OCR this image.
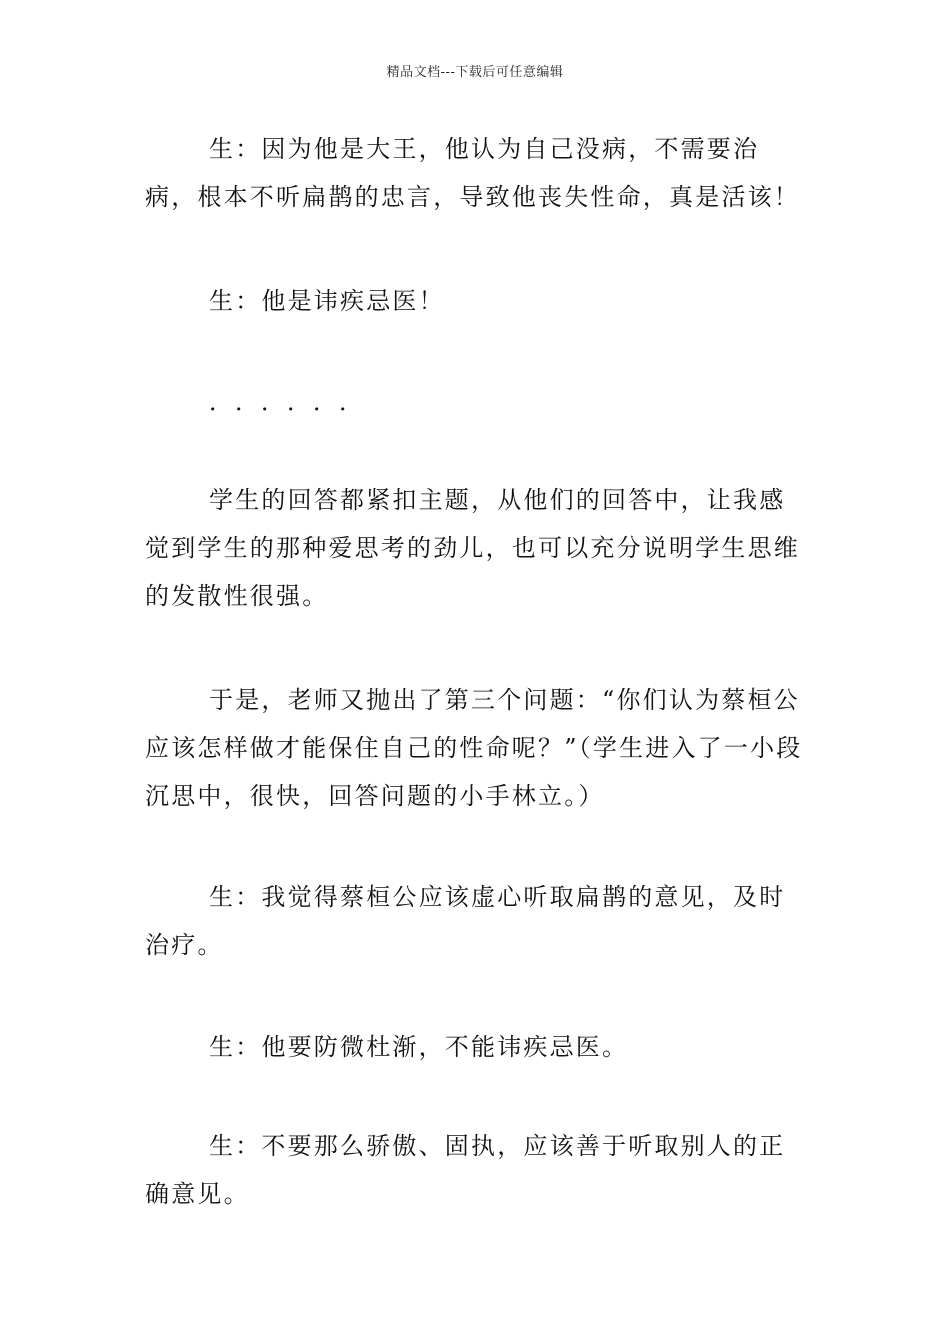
精品文档---下载后可任意编辑

生：因为他是大王，他认为自己没病，不需要治病，根本不听扁鹊的忠言，导致他丧失性命，真是活该！

生：他是讳疾忌医！

．．．．．．

学生的回答都紧扣主题，从他们的回答中，让我感觉到学生的那种爱思考的劲儿，也可以充分说明学生思维的发散性很强。

于是，老师又抛出了第三个问题：“你们认为蔡桓公应该怎样做才能保住自己的性命呢？”（学生进入了一小段沉思中，很快，回答问题的小手林立。）

生：我觉得蔡桓公应该虚心听取扁鹊的意见，及时治疗。

生：他要防微杜渐，不能讳疾忌医。

生：不要那么骄傲、固执，应该善于听取别人的正确意见。
